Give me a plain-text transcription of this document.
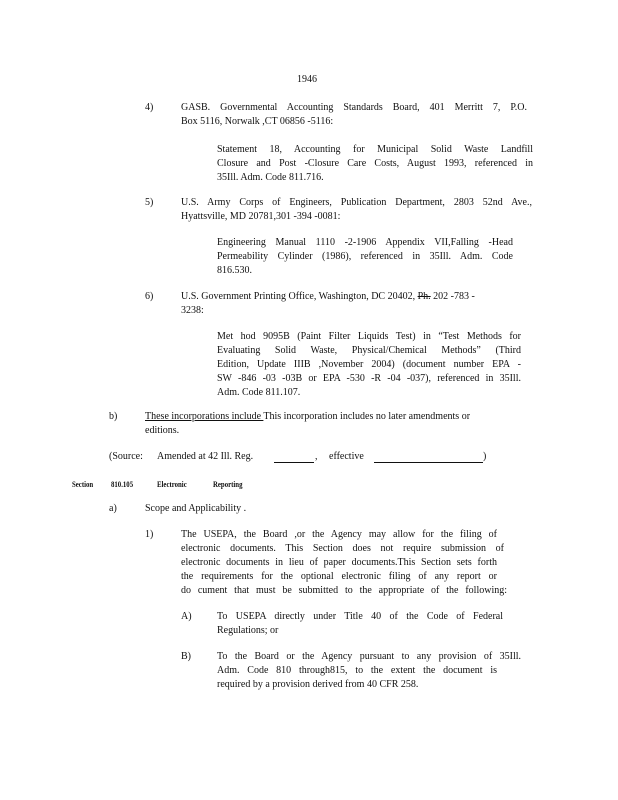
1946
4)	GASB. Governmental Accounting Standards Board, 401 Merritt 7, P.O.
Box 5116, Norwalk ,CT 06856 -5116:
Statement 18, Accounting for Municipal Solid Waste Landfill
Closure and Post -Closure Care Costs, August 1993, referenced in
35Ill. Adm. Code 811.716.
5)	U.S. Army Corps of Engineers, Publication Department, 2803 52nd Ave.,
Hyattsville, MD 20781,301 -394 -0081:
Engineering Manual 1110 -2-1906 Appendix VII,Falling -Head
Permeability Cylinder (1986), referenced in 35Ill. Adm. Code
816.530.
6)	U.S. Government Printing Office, Washington, DC 20402, Ph. 202 -783 -
3238:
Met hod 9095B (Paint Filter Liquids Test) in “Test Methods for
Evaluating Solid Waste, Physical/Chemical Methods” (Third
Edition, Update IIIB ,November 2004) (document number EPA -
SW -846 -03 -03B or EPA -530 -R -04 -037), referenced in 35Ill.
Adm. Code 811.107.
b)	These incorporations include This incorporation includes no later amendments or
editions.
(Source: Amended at 42 Ill. Reg.	, effective	)
Section 810.105	Electronic	Reporting
a)	Scope and Applicability .
1)	The USEPA, the Board ,or the Agency may allow for the filing of
electronic documents. This Section does not require submission of
electronic documents in lieu of paper documents.This Section sets forth
the requirements for the optional electronic filing of any report or
do cument that must be submitted to the appropriate of the following:
A)	To USEPA directly under Title 40 of the Code of Federal
Regulations; or
B)	To the Board or the Agency pursuant to any provision of 35Ill.
Adm. Code 810 through815, to the extent the document is
required by a provision derived from 40 CFR 258.
